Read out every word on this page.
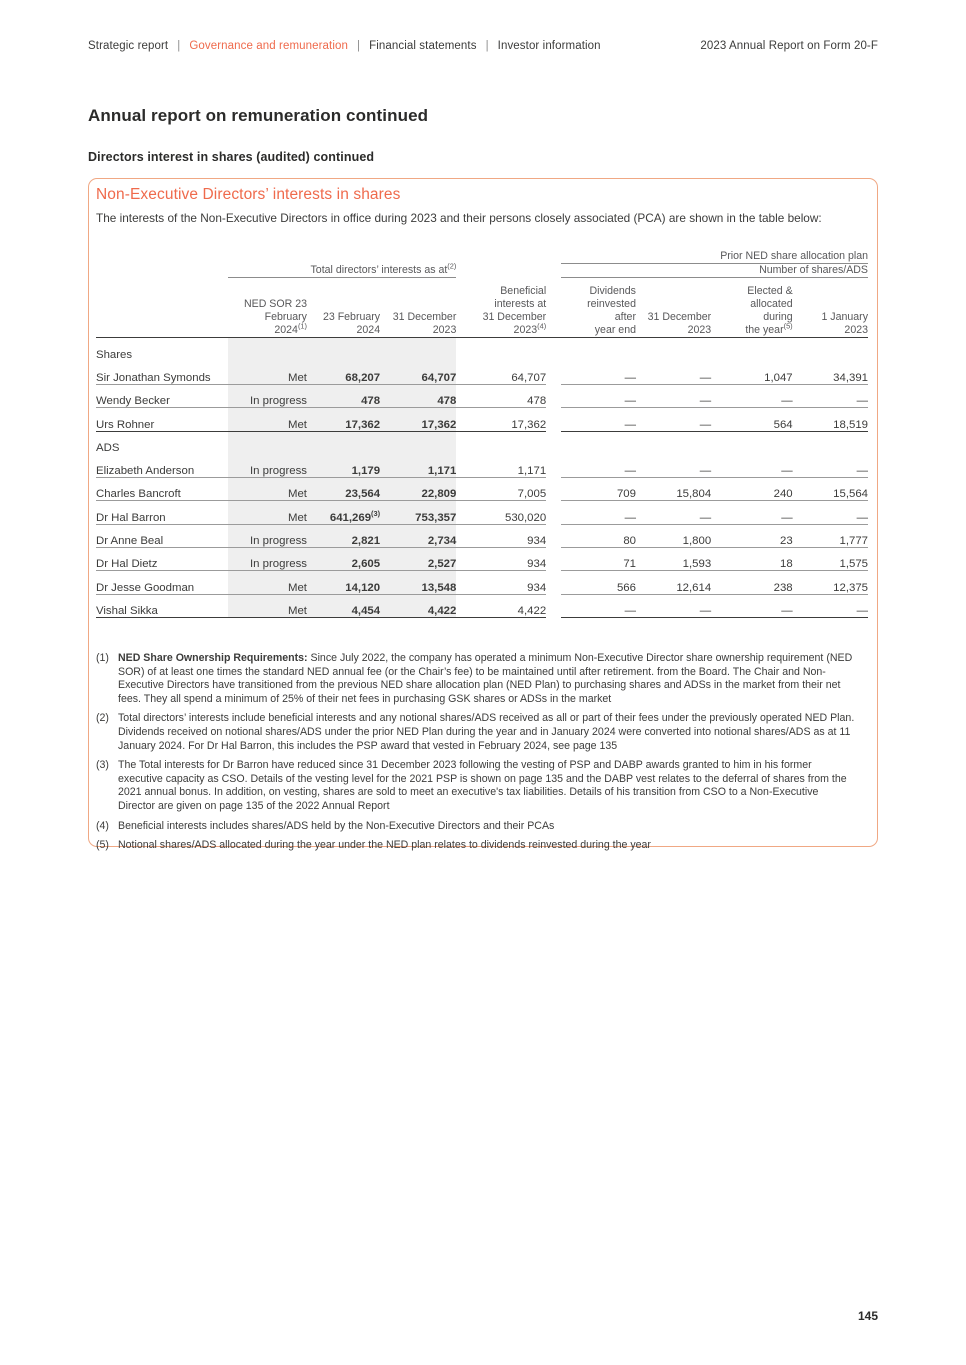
Strategic report | Governance and remuneration | Financial statements | Investor information	2023 Annual Report on Form 20-F
Annual report on remuneration continued
Directors interest in shares (audited) continued
Non-Executive Directors’ interests in shares
The interests of the Non-Executive Directors in office during 2023 and their persons closely associated (PCA) are shown in the table below:
						Prior NED share allocation plan			
	Total directors’ interests as $at^{(2)}$					Number of shares/ADS			

	NED SOR 23
February
2024$^{(1)}$	23 February
2024	31 December
2023	Beneficial
interests at
31 December
2023$^{(4)}$		Dividends
reinvested
after
year end	31 December
2023	Elected &
allocated
during
the year$^{(5)}$	1 January
2023

Shares									
Sir Jonathan Symonds	Met	68,207	64,707	64,707		—	—	1,047	34,391
Wendy Becker	In progress	478	478	478		—	—	—	—
Urs Rohner	Met	17,362	17,362	17,362		—	—	564	18,519
ADS									
Elizabeth Anderson	In progress	1,179	1,171	1,171		—	—	—	—
Charles Bancroft	Met	23,564	22,809	7,005		709	15,804	240	15,564
Dr Hal Barron	Met	641,269$^{(3)}$	753,357	530,020		—	—	—	—
Dr Anne Beal	In progress	2,821	2,734	934		80	1,800	23	1,777
Dr Hal Dietz	In progress	2,605	2,527	934		71	1,593	18	1,575
Dr Jesse Goodman	Met	14,120	13,548	934		566	12,614	238	12,375
Vishal Sikka	Met	4,454	4,422	4,422		—	—	—	—
(1) NED Share Ownership Requirements: Since July 2022, the company has operated a minimum Non-Executive Director share ownership requirement (NED SOR) of at least one times the standard NED annual fee (or the Chair’s fee) to be maintained until after retirement. from the Board. The Chair and Non-Executive Directors have transitioned from the previous NED share allocation plan (NED Plan) to purchasing shares and ADSs in the market from their net fees. They all spend a minimum of 25% of their net fees in purchasing GSK shares or ADSs in the market
(2) Total directors’ interests include beneficial interests and any notional shares/ADS received as all or part of their fees under the previously operated NED Plan. Dividends received on notional shares/ADS under the prior NED Plan during the year and in January 2024 were converted into notional shares/ADS as at 11 January 2024. For Dr Hal Barron, this includes the PSP award that vested in February 2024, see page 135
(3) The Total interests for Dr Barron have reduced since 31 December 2023 following the vesting of PSP and DABP awards granted to him in his former executive capacity as CSO. Details of the vesting level for the 2021 PSP is shown on page 135 and the DABP vest relates to the deferral of shares from the 2021 annual bonus. In addition, on vesting, shares are sold to meet an executive's tax liabilities. Details of his transition from CSO to a Non-Executive Director are given on page 135 of the 2022 Annual Report
(4) Beneficial interests includes shares/ADS held by the Non-Executive Directors and their PCAs
(5) Notional shares/ADS allocated during the year under the NED plan relates to dividends reinvested during the year
145
